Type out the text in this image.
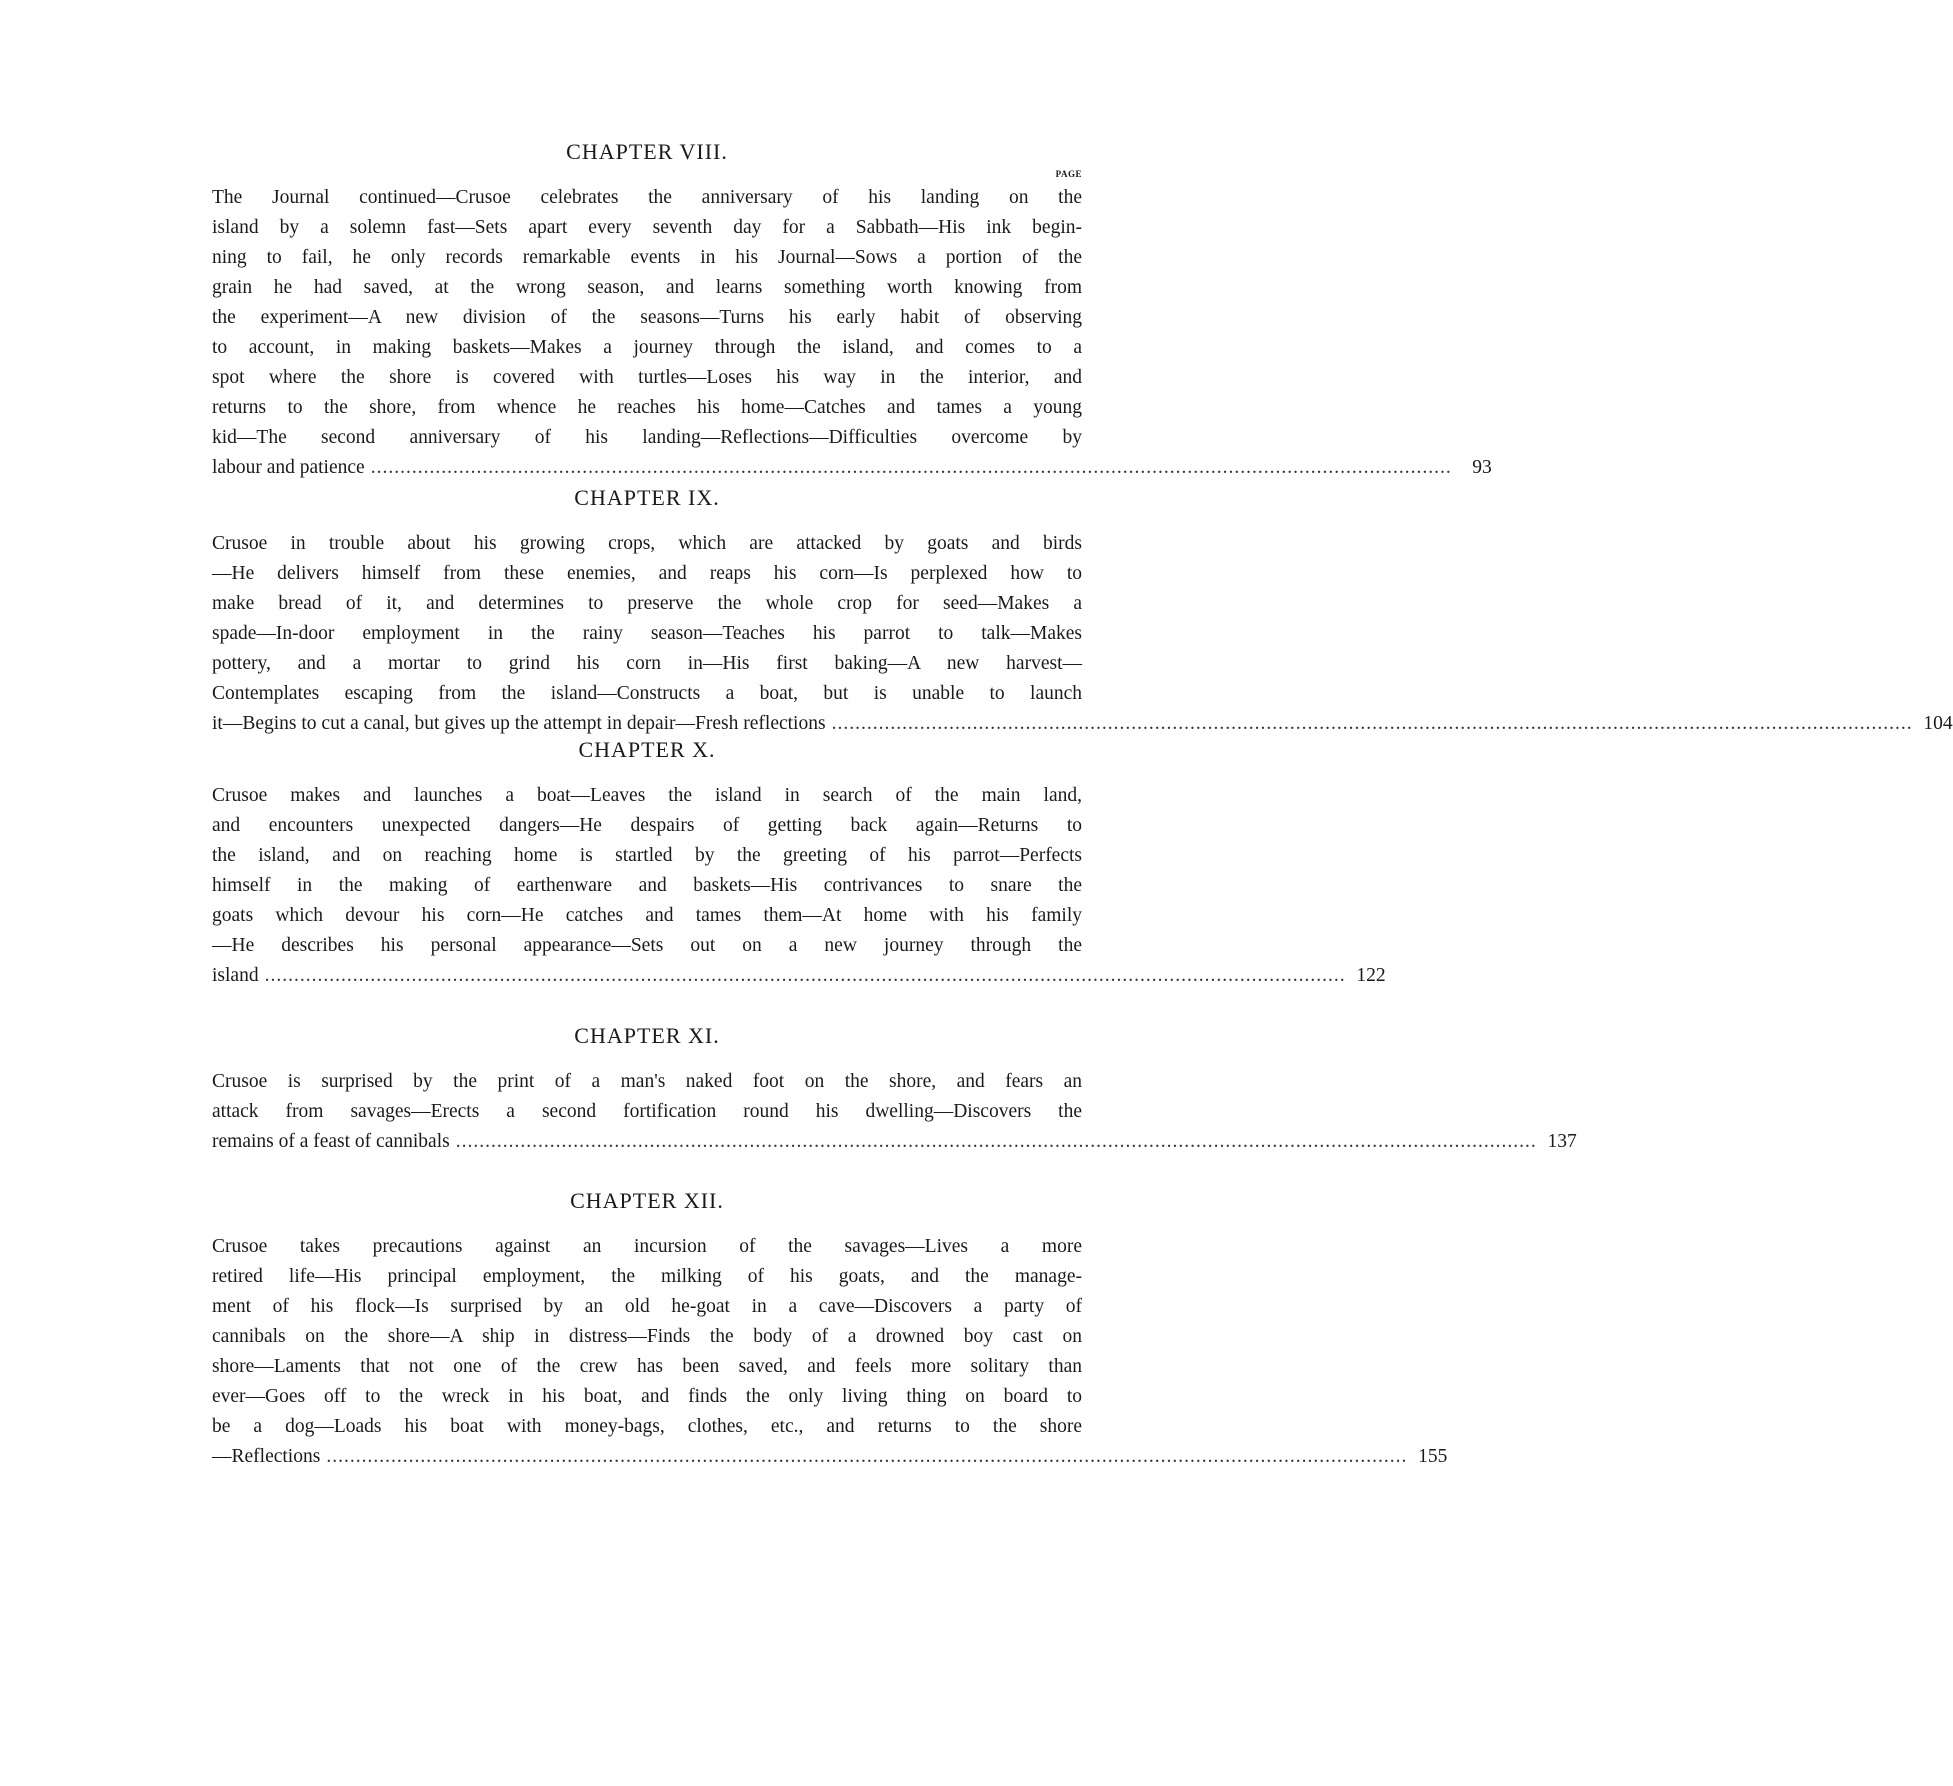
CHAPTER VIII.
PAGE
The Journal continued—Crusoe celebrates the anniversary of his landing on the
island by a solemn fast—Sets apart every seventh day for a Sabbath—His ink begin-
ning to fail, he only records remarkable events in his Journal—Sows a portion of the
grain he had saved, at the wrong season, and learns something worth knowing from
the experiment—A new division of the seasons—Turns his early habit of observing
to account, in making baskets—Makes a journey through the island, and comes to a
spot where the shore is covered with turtles—Loses his way in the interior, and
returns to the shore, from whence he reaches his home—Catches and tames a young
kid—The second anniversary of his landing—Reflections—Difficulties overcome by
labour and patience ........................................................................................................................................................................................	93
CHAPTER IX.
Crusoe in trouble about his growing crops, which are attacked by goats and birds
—He delivers himself from these enemies, and reaps his corn—Is perplexed how to
make bread of it, and determines to preserve the whole crop for seed—Makes a
spade—In-door employment in the rainy season—Teaches his parrot to talk—Makes
pottery, and a mortar to grind his corn in—His first baking—A new harvest—
Contemplates escaping from the island—Constructs a boat, but is unable to launch
it—Begins to cut a canal, but gives up the attempt in depair—Fresh reflections ........................................................................................................................................................................................ 104
CHAPTER X.
Crusoe makes and launches a boat—Leaves the island in search of the main land,
and encounters unexpected dangers—He despairs of getting back again—Returns to
the island, and on reaching home is startled by the greeting of his parrot—Perfects
himself in the making of earthenware and baskets—His contrivances to snare the
goats which devour his corn—He catches and tames them—At home with his family
—He describes his personal appearance—Sets out on a new journey through the
island ........................................................................................................................................................................................ 122
CHAPTER XI.
Crusoe is surprised by the print of a man's naked foot on the shore, and fears an
attack from savages—Erects a second fortification round his dwelling—Discovers the
remains of a feast of cannibals ........................................................................................................................................................................................ 137
CHAPTER XII.
Crusoe takes precautions against an incursion of the savages—Lives a more
retired life—His principal employment, the milking of his goats, and the manage-
ment of his flock—Is surprised by an old he-goat in a cave—Discovers a party of
cannibals on the shore—A ship in distress—Finds the body of a drowned boy cast on
shore—Laments that not one of the crew has been saved, and feels more solitary than
ever—Goes off to the wreck in his boat, and finds the only living thing on board to
be a dog—Loads his boat with money-bags, clothes, etc., and returns to the shore
—Reflections ........................................................................................................................................................................................ 155
